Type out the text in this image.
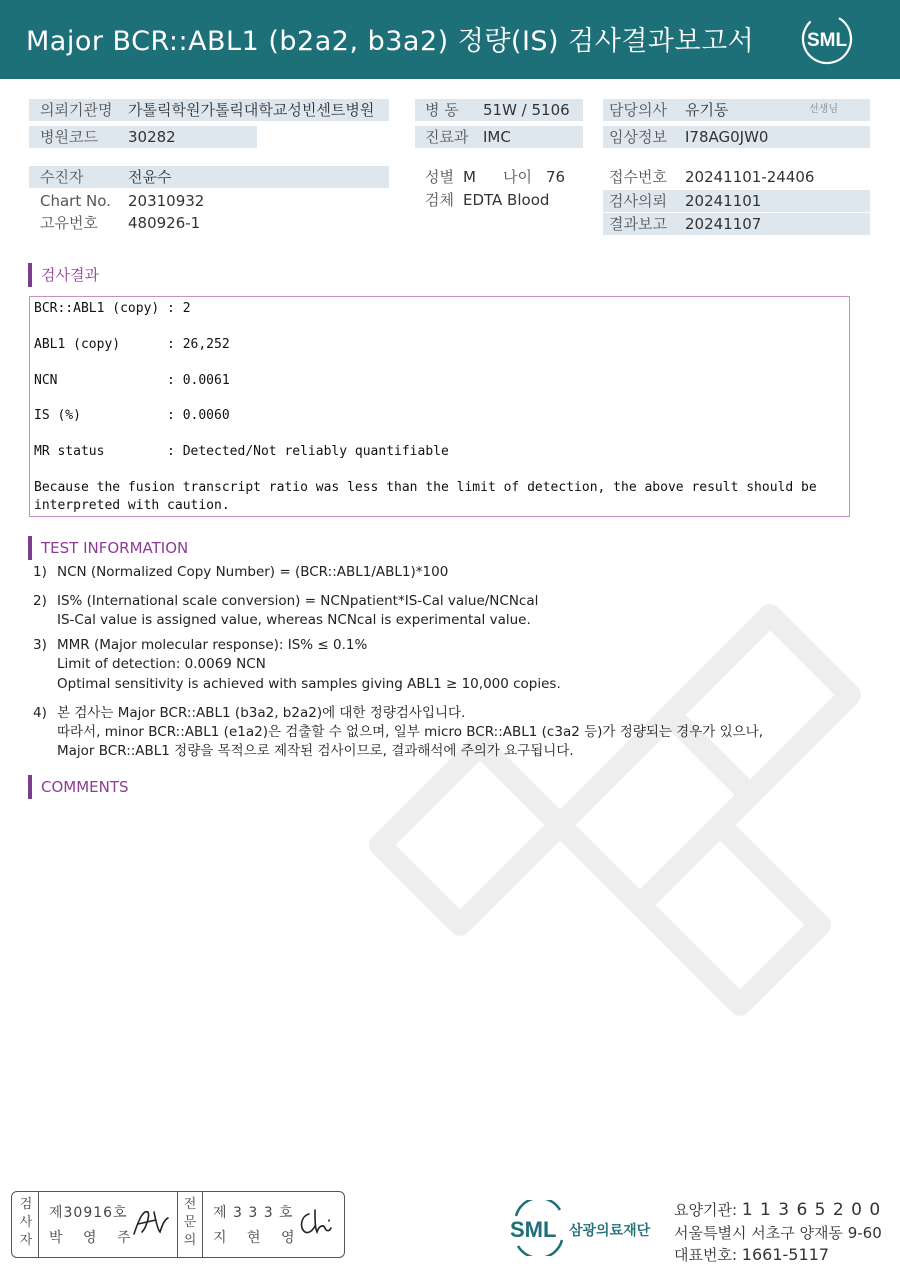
Major BCR::ABL1 (b2a2, b3a2) 정량(IS) 검사결과보고서	SML
의뢰기관명 가톨릭학원가톨릭대학교성빈센트병원	병 동 51W / 5106	담당의사 유기동	선생님
병원코드 30282	진료과 IMC	임상정보 I78AG0JW0
수진자	전윤수
Chart No. 20310932
고유번호 480926-1
성별 M 나이 76
검체 EDTA Blood
접수번호 20241101-24406
검사의뢰 20241101
결과보고 20241107
검사결과
BCR::ABL1 (copy) : 2
ABL1 (copy)      : 26,252
NCN              : 0.0061
IS (%)           : 0.0060
MR status        : Detected/Not reliably quantifiable
Because the fusion transcript ratio was less than the limit of detection, the above result should be
interpreted with caution.
TEST INFORMATION
1) NCN (Normalized Copy Number) = (BCR::ABL1/ABL1)*100
2) IS% (International scale conversion) = NCNpatient*IS-Cal value/NCNcal
IS-Cal value is assigned value, whereas NCNcal is experimental value.
3) MMR (Major molecular response): IS% ≤ 0.1%
Limit of detection: 0.0069 NCN
Optimal sensitivity is achieved with samples giving ABL1 ≥ 10,000 copies.
4) 본 검사는 Major BCR::ABL1 (b3a2, b2a2)에 대한 정량검사입니다.
따라서, minor BCR::ABL1 (e1a2)은 검출할 수 없으며, 일부 micro BCR::ABL1 (c3a2 등)가 정량되는 경우가 있으나,
Major BCR::ABL1 정량을 목적으로 제작된 검사이므로, 결과해석에 주의가 요구됩니다.
COMMENTS
검
사
자
제30916호
박 영 주
전
문
의
제 3 3 3 호
지 현 영	SML 삼광의료재단
요양기관: 1 1 3 6 5 2 0 0
서울특별시 서초구 양재동 9-60
대표번호: 1661-5117
